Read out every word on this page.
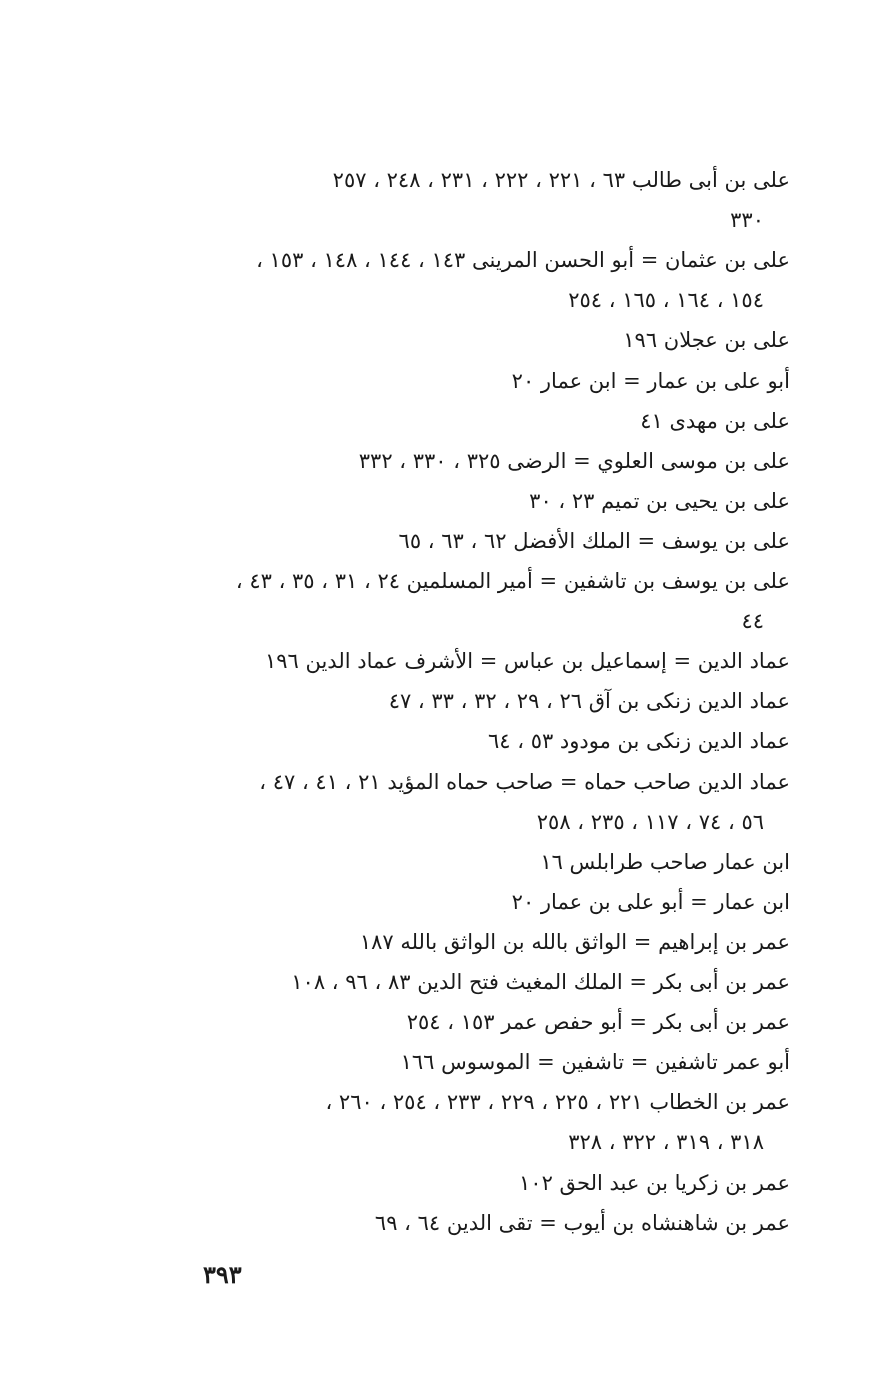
على بن أبى طالب ٦٣ ، ٢٢١ ، ٢٢٢ ، ٢٣١ ، ٢٤٨ ، ٢٥٧
٣٣٠
على بن عثمان = أبو الحسن المرينى ١٤٣ ، ١٤٤ ، ١٤٨ ، ١٥٣ ،
١٥٤ ، ١٦٤ ، ١٦٥ ، ٢٥٤
على بن عجلان ١٩٦
أبو على بن عمار = ابن عمار ٢٠
على بن مهدى ٤١
على بن موسى العلوي = الرضى ٣٢٥ ، ٣٣٠ ، ٣٣٢
على بن يحيى بن تميم ٢٣ ، ٣٠
على بن يوسف = الملك الأفضل ٦٢ ، ٦٣ ، ٦٥
على بن يوسف بن تاشفين = أمير المسلمين ٢٤ ، ٣١ ، ٣٥ ، ٤٣ ،
٤٤
عماد الدين = إسماعيل بن عباس = الأشرف عماد الدين ١٩٦
عماد الدين زنكى بن آق ٢٦ ، ٢٩ ، ٣٢ ، ٣٣ ، ٤٧
عماد الدين زنكى بن مودود ٥٣ ، ٦٤
عماد الدين صاحب حماه = صاحب حماه المؤيد ٢١ ، ٤١ ، ٤٧ ،
٥٦ ، ٧٤ ، ١١٧ ، ٢٣٥ ، ٢٥٨
ابن عمار صاحب طرابلس ١٦
ابن عمار = أبو على بن عمار ٢٠
عمر بن إبراهيم = الواثق بالله بن الواثق بالله ١٨٧
عمر بن أبى بكر = الملك المغيث فتح الدين ٨٣ ، ٩٦ ، ١٠٨
عمر بن أبى بكر = أبو حفص عمر ١٥٣ ، ٢٥٤
أبو عمر تاشفين = تاشفين = الموسوس ١٦٦
عمر بن الخطاب ٢٢١ ، ٢٢٥ ، ٢٢٩ ، ٢٣٣ ، ٢٥٤ ، ٢٦٠ ،
٣١٨ ، ٣١٩ ، ٣٢٢ ، ٣٢٨
عمر بن زكريا بن عبد الحق ١٠٢
عمر بن شاهنشاه بن أيوب = تقى الدين ٦٤ ، ٦٩
٣٩٣
